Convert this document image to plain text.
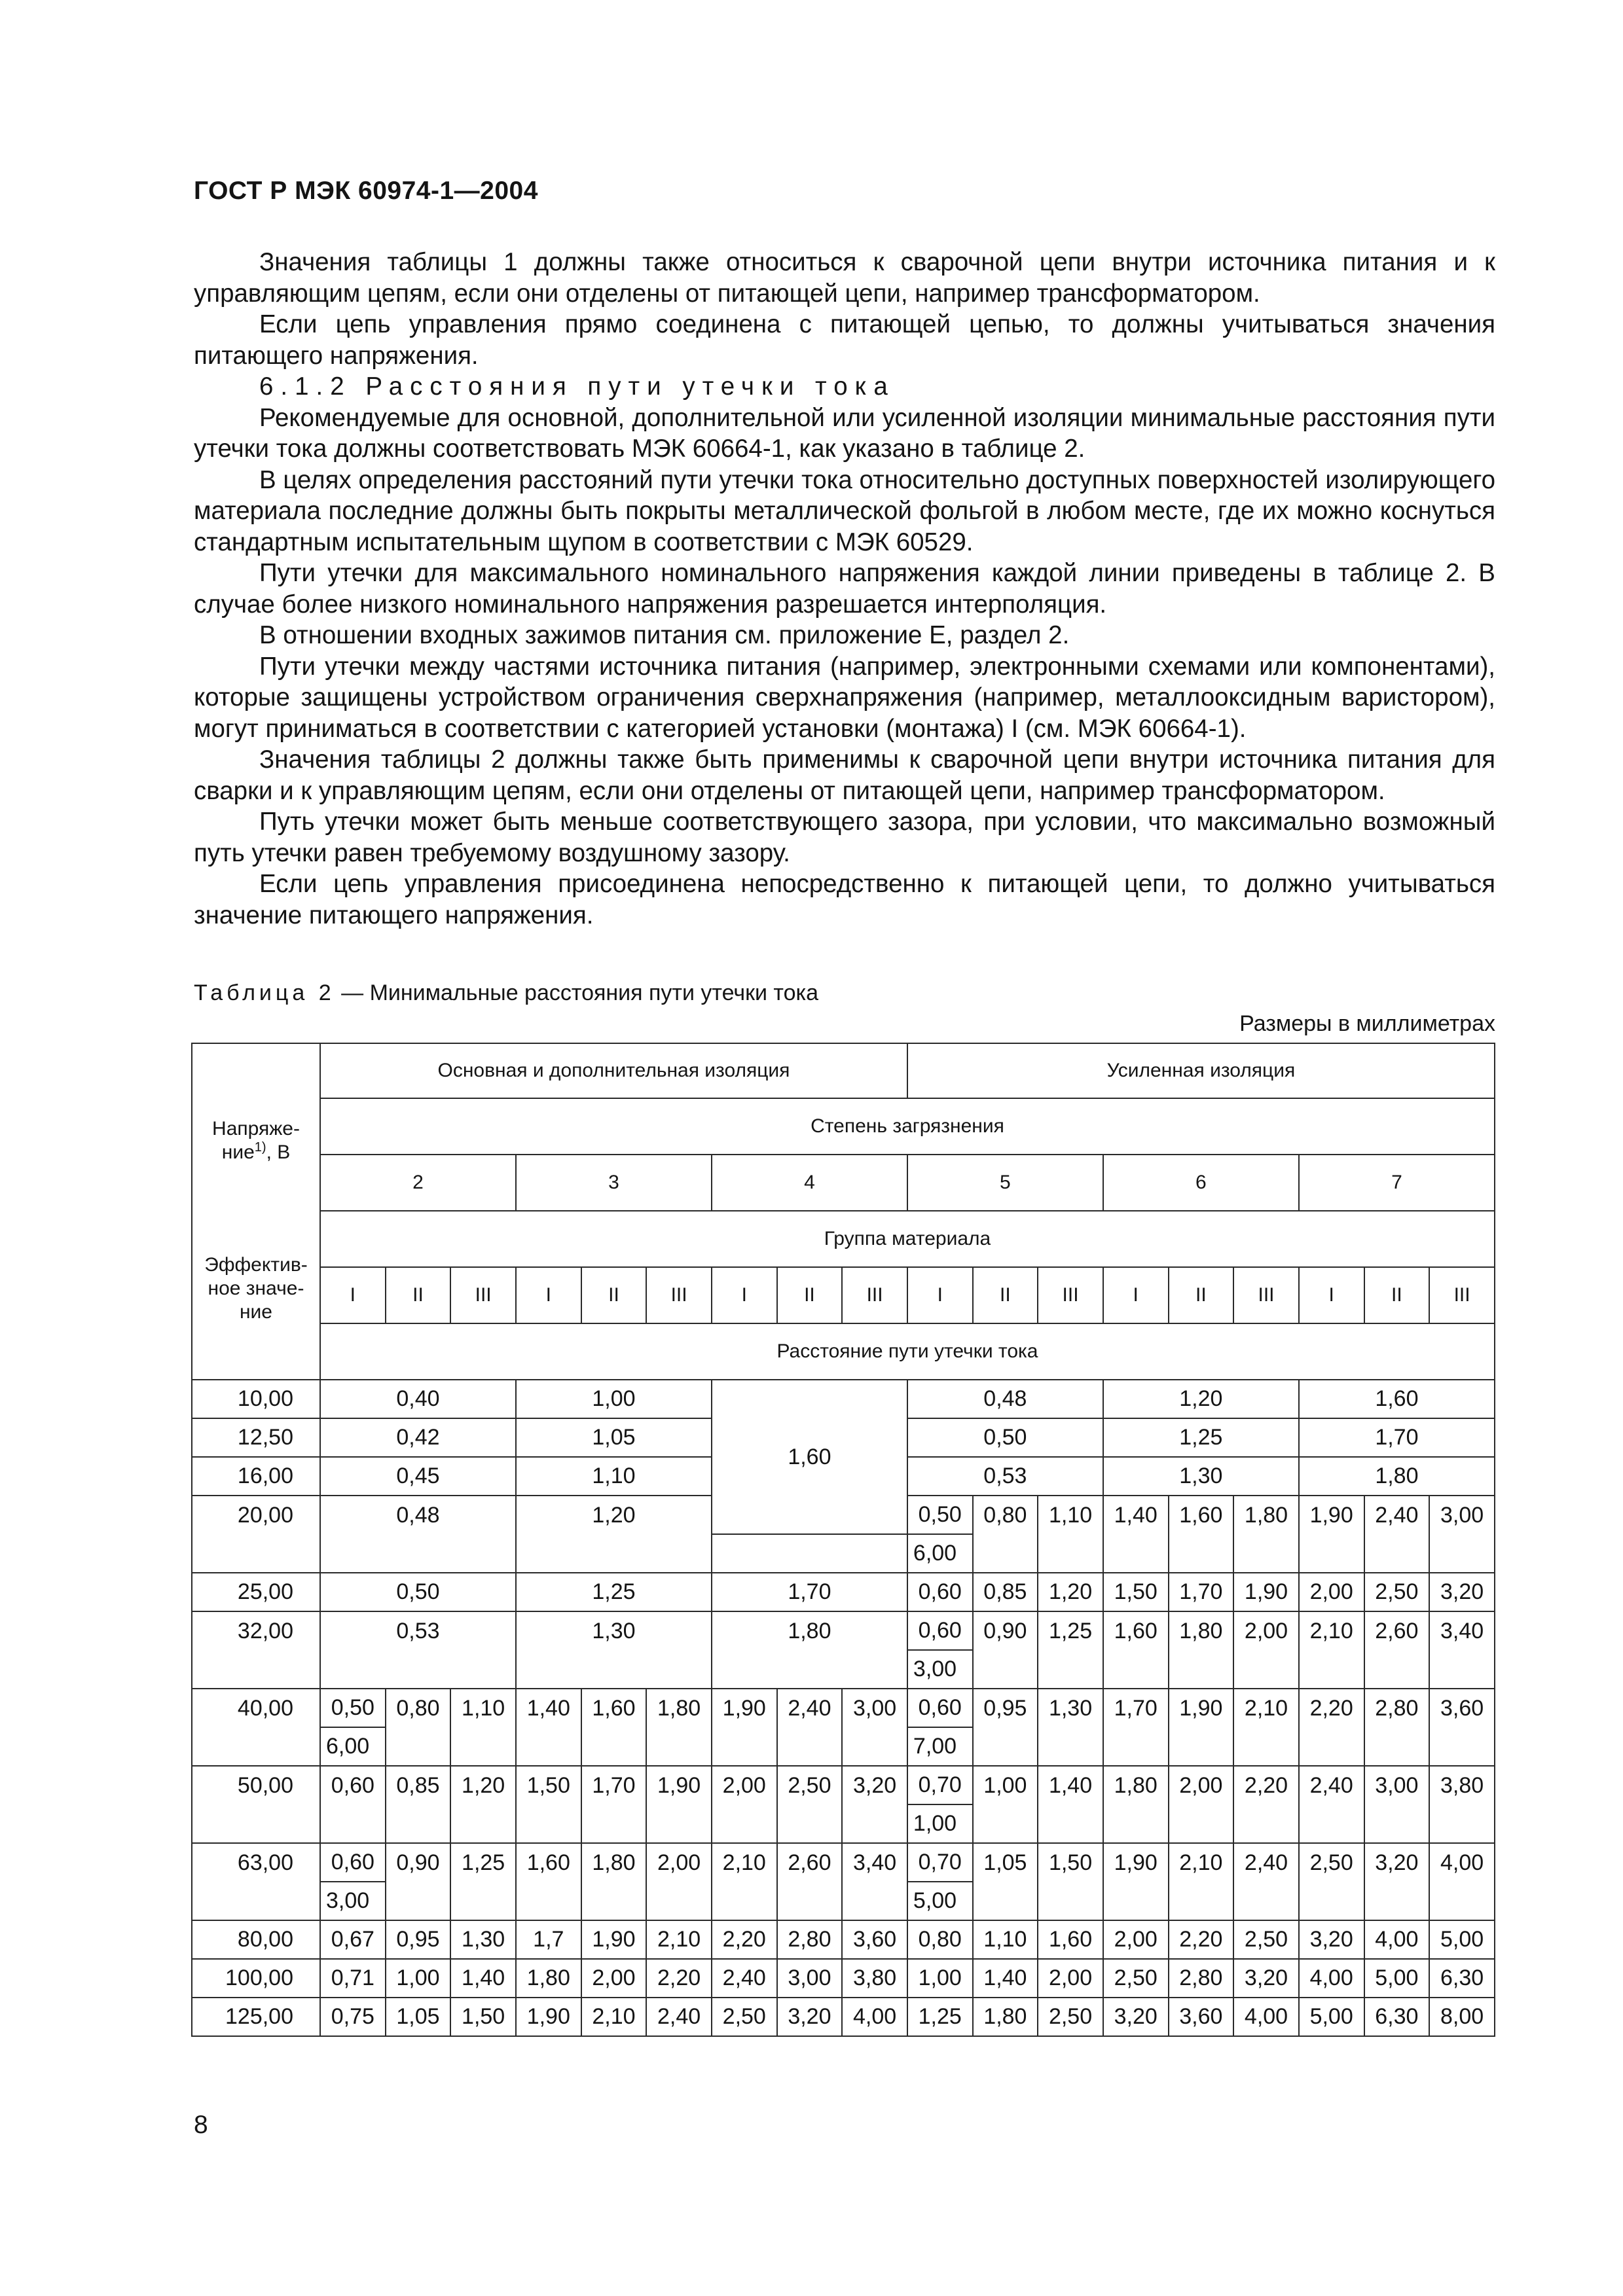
ГОСТ Р МЭК 60974-1—2004

Значения таблицы 1 должны также относиться к сварочной цепи внутри источника питания и к управляющим цепям, если они отделены от питающей цепи, например трансформатором.

Если цепь управления прямо соединена с питающей цепью, то должны учитываться значения питающего напряжения.

6.1.2 Расстояния пути утечки тока

Рекомендуемые для основной, дополнительной или усиленной изоляции минимальные расстояния пути утечки тока должны соответствовать МЭК 60664-1, как указано в таблице 2.

В целях определения расстояний пути утечки тока относительно доступных поверхностей изолирующего материала последние должны быть покрыты металлической фольгой в любом месте, где их можно коснуться стандартным испытательным щупом в соответствии с МЭК 60529.

Пути утечки для максимального номинального напряжения каждой линии приведены в таблице 2. В случае более низкого номинального напряжения разрешается интерполяция.

В отношении входных зажимов питания см. приложение Е, раздел 2.

Пути утечки между частями источника питания (например, электронными схемами или компонентами), которые защищены устройством ограничения сверхнапряжения (например, металлооксидным варистором), могут приниматься в соответствии с категорией установки (монтажа) I (см. МЭК 60664-1).

Значения таблицы 2 должны также быть применимы к сварочной цепи внутри источника питания для сварки и к управляющим цепям, если они отделены от питающей цепи, например трансформатором.

Путь утечки может быть меньше соответствующего зазора, при условии, что максимально возможный путь утечки равен требуемому воздушному зазору.

Если цепь управления присоединена непосредственно к питающей цепи, то должно учитываться значение питающего напряжения.

Таблица 2 — Минимальные расстояния пути утечки тока
Размеры в миллиметрах
Напряже-ние$^{1)}$, В
Эффектив-ное значе-ние	Основная и дополнительная изоляция									Усиленная изоляция								
	Степень загрязнения																	
	2			3			4			5			6			7		
	Группа материала																	
	I	II	III	I	II	III	I	II	III	I	II	III	I	II	III	I	II	III
	Расстояние пути утечки тока																	
10,00	0,40			1,00			1,60			0,48			1,20			1,60		
12,50	0,42			1,05						0,50			1,25			1,70		
16,00	0,45			1,10						0,53			1,30			1,80		
20,00	0,48			1,20						0,50	0,80	1,10	1,40	1,60	1,80	1,90	2,40	3,00
										6,00								
25,00	0,50			1,25			1,70			0,60	0,85	1,20	1,50	1,70	1,90	2,00	2,50	3,20
32,00	0,53			1,30			1,80			0,60	0,90	1,25	1,60	1,80	2,00	2,10	2,60	3,40
										3,00								
40,00	0,50	0,80	1,10	1,40	1,60	1,80	1,90	2,40	3,00	0,60	0,95	1,30	1,70	1,90	2,10	2,20	2,80	3,60
	6,00									7,00								
50,00	0,60	0,85	1,20	1,50	1,70	1,90	2,00	2,50	3,20	0,70	1,00	1,40	1,80	2,00	2,20	2,40	3,00	3,80
										1,00								
63,00	0,60	0,90	1,25	1,60	1,80	2,00	2,10	2,60	3,40	0,70	1,05	1,50	1,90	2,10	2,40	2,50	3,20	4,00
	3,00									5,00								
80,00	0,67	0,95	1,30	1,7	1,90	2,10	2,20	2,80	3,60	0,80	1,10	1,60	2,00	2,20	2,50	3,20	4,00	5,00
100,00	0,71	1,00	1,40	1,80	2,00	2,20	2,40	3,00	3,80	1,00	1,40	2,00	2,50	2,80	3,20	4,00	5,00	6,30
125,00	0,75	1,05	1,50	1,90	2,10	2,40	2,50	3,20	4,00	1,25	1,80	2,50	3,20	3,60	4,00	5,00	6,30	8,00
8
